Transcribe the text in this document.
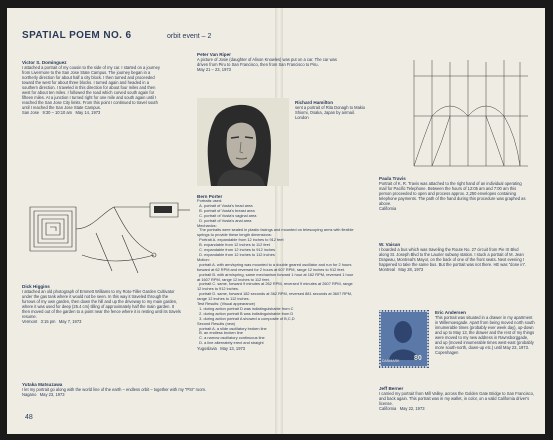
SPATIAL POEM NO. 6	orbit event – 2
Victor S. Dominguez
I attached a portrait of my cousin to the side of my car. I started on a journey from Livermore to the San Jose State Campus. The journey began in a northerly direction for about half a city block. I then turned and proceeded toward the west for about three blocks. I turned again and headed in a southern direction. I traveled in this direction for about four miles and then west for about ten miles. I followed the road which curved south again for fifteen miles. At a junction I turned right for one mile and south again until I reached the San Jose City limits. From this point I continued to travel south until I reached the San Jose State Campus.
San Jose   9:30 – 10:10 am   May 14, 1973
Peter Van Riper
A picture of Josie (daughter of Alison Knowles) was put on a car. The car was driven from Piru to San Francisco, then from San Francisco to Piru.
May 21 – 23, 1973
Richard Hamilton
sent a portrait of Rita Donagh to Makio Shiomi, Osaka, Japan by airmail.
London
Paula Travis
Portrait of K. R. Travis was attached to the right hand of an individual operating mail for Pacific Telephone. Between the hours of 12:05 am and 7:00 am this person proceeded to open and process approx. 2,250 envelopes containing telephone payments. The path of the hand during this procedure was graphed as above.
California
Bern Porter
Portraits used:
A. portrait of Vusta's head area
B. portrait of Vusta's breast area
C. portrait of Vusta's vaginal area
D. portrait of Vusta's anal area
Mechanics:
The portraits were sealed in plastic facings and mounted on telescoping arms with flexible springs to provide these length dimensions:
Portrait A. expandable from 12 inches to 912 feet
B. expandable from 12 inches to 112 feet
C. expandable from 12 inches to 912 inches
D. expandable from 12 inches to 112 inches
Motion:
portrait A. with arm/spring was mounted to a double geared oscillator and run for 2 hours forward at 62 RPM and reversed for 2 hours at 607 RPM, range 12 inches to 912 feet.
portrait B. with arm/spring, same mechanism forward 1 hour at 162 RPM, reversed 1 hour at 1607 RPM, range 12 inches to 112 feet.
portrait C. same, forward 9 minutes at 262 RPM, reversed 9 minutes at 2607 RPM, range 12 inches to 912 inches.
portrait D. same, forward 182 seconds at 362 RPM, reversed 881 seconds at 3607 RPM, range 12 inches to 112 inches.
Test Results: (Visual appearance)
1. during action portrait D was indistinguishable from C
2. during action portrait B was indistinguishable from D
3. during action portrait A showed a composite of B,C,D
Second Results (new)
portrait A. a slide oscillatory broken line
B. an endless broken line
C. a narrow oscillatory continuous line
D. a line alternately erect and straight
Yugoslavia   May 13, 1973
W. Vaisan
I boarded a bus which was traveling the Route No. 27 circuit from Pie IX Blvd along St. Joseph Blvd to the Laurier subway station. I stuck a portrait of M. Jean Drapeau, Montreal's Mayor, on the back of one of the front seats. Next evening I happened to take the same bus. But the portrait was not there. HE was "done in".
Montreal   May 28, 1973
Dick Higgins
I attached an old photograph of Emmett Williams to my Roto-Tiller Garden Cultivator under the gas tank where it would not be seen. In this way it traveled through the furrows of my own garden, then down the hill and up the driveway to my main garden, where it was used for deep (25.4 cm) tilling of approximately half the main garden. It then moved out of the garden to a point near the fence where it is resting until its travels resume.
Vermont   3:15 pm   May 7, 1973
DANMARK 80
Eric Andersen
This portrait was situated in a drawer in my apartment in Willemoesgade. Apart from being moved north south innumerable times (probably ever week day), up-down and up to May 13, the drawer and the rest of my things were moved to my new address in Ravnsborggade, and up (moved innumerable times west-east (probably more south-north, down-up etc.) until May 23, 1973.
Copenhagen
Yutaka Matsuzawa
I let my portrait go along with the world line of the earth – endless orbit – together with my "PSI" room.
Nagano   May 23, 1973
Jeff Berner
I carried my portrait from Mill Valley, across the Golden Gate Bridge to San Francisco, and back again. This portrait was in my wallet, in color, on a valid California driver's license.
California   May 22, 1973
48
